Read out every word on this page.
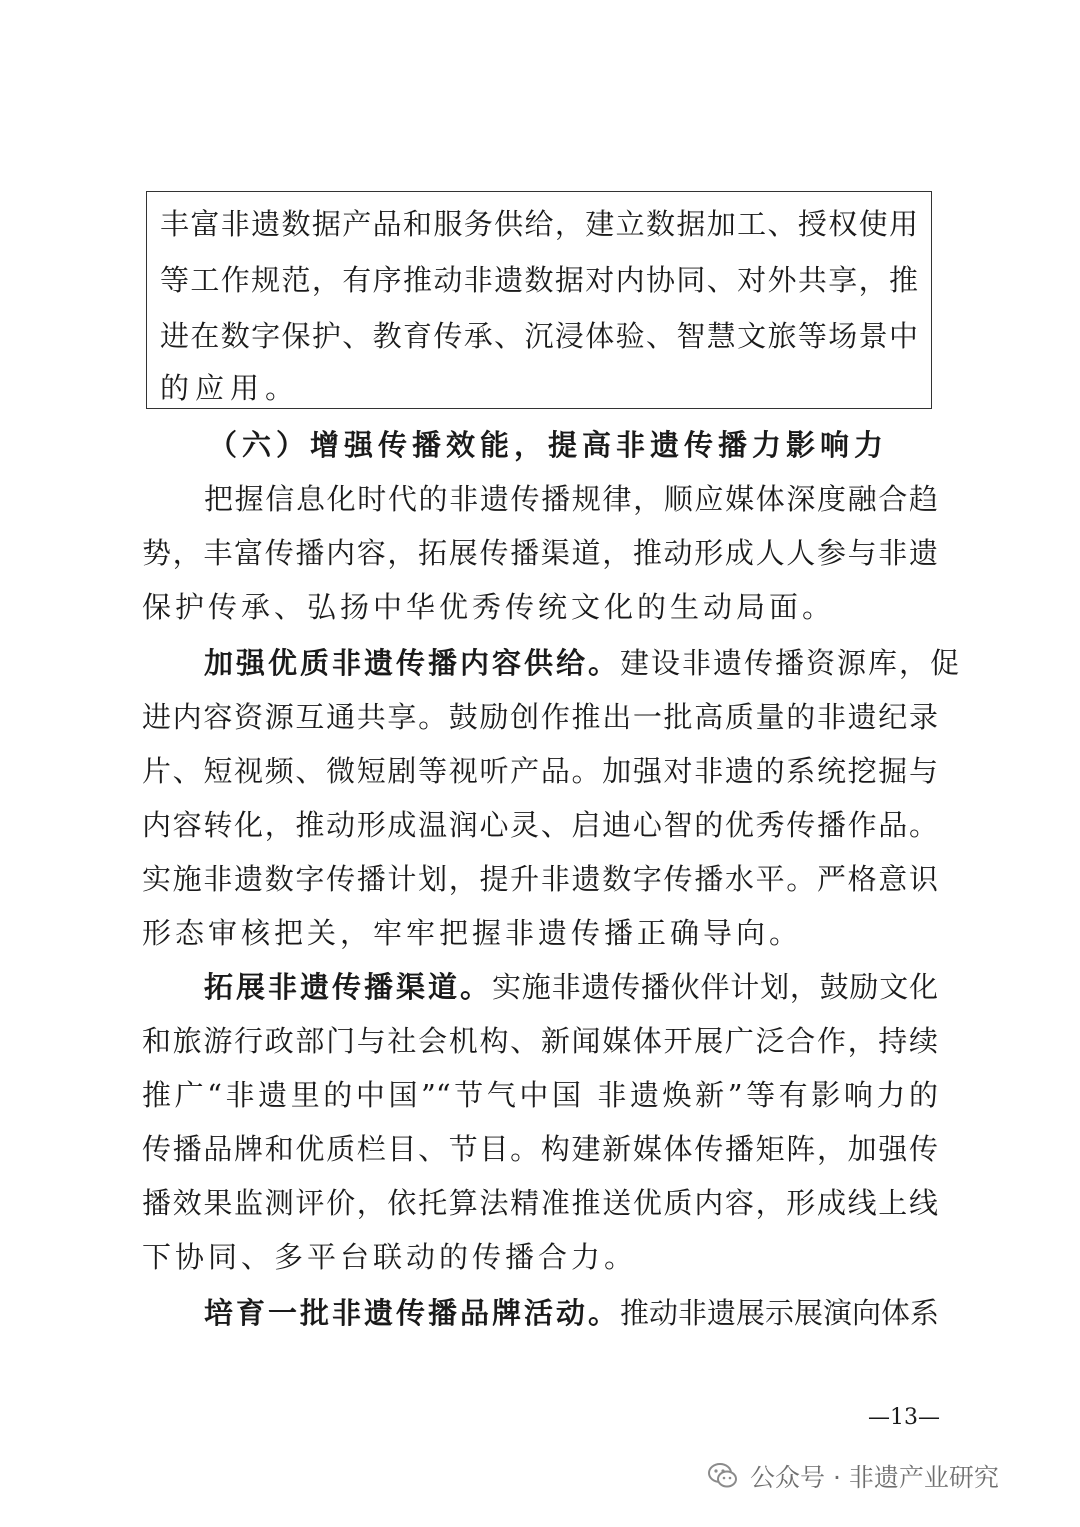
丰富非遗数据产品和服务供给，建立数据加工、授权使用
等工作规范，有序推动非遗数据对内协同、对外共享，推
进在数字保护、教育传承、沉浸体验、智慧文旅等场景中
的应用。
（六）增强传播效能，提高非遗传播力影响力
把握信息化时代的非遗传播规律，顺应媒体深度融合趋
势，丰富传播内容，拓展传播渠道，推动形成人人参与非遗
保护传承、弘扬中华优秀传统文化的生动局面。
加强优质非遗传播内容供给。 建设非遗传播资源库，促
进内容资源互通共享。鼓励创作推出一批高质量的非遗纪录
片、短视频、微短剧等视听产品。加强对非遗的系统挖掘与
内容转化，推动形成温润心灵、启迪心智的优秀传播作品。
实施非遗数字传播计划，提升非遗数字传播水平。严格意识
形态审核把关，牢牢把握非遗传播正确导向。
拓展非遗传播渠道。 实施非遗传播伙伴计划，鼓励文化
和旅游行政部门与社会机构、新闻媒体开展广泛合作，持续
推广“非遗里的中国”“节气中国 非遗焕新”等有影响力的
传播品牌和优质栏目、节目。构建新媒体传播矩阵，加强传
播效果监测评价，依托算法精准推送优质内容，形成线上线
下协同、多平台联动的传播合力。
培育一批非遗传播品牌活动。 推动非遗展示展演向体系
—13—
公众号 · 非遗产业研究
